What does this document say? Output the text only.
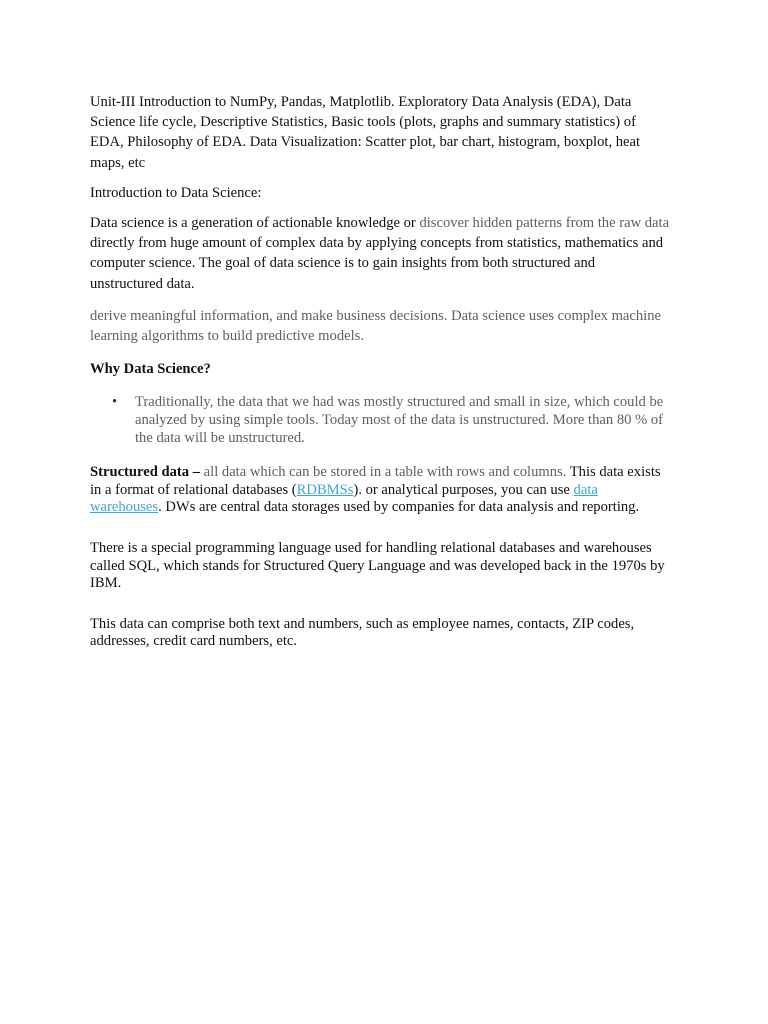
Unit-III Introduction to NumPy, Pandas, Matplotlib. Exploratory Data Analysis (EDA), Data Science life cycle, Descriptive Statistics, Basic tools (plots, graphs and summary statistics) of EDA, Philosophy of EDA. Data Visualization: Scatter plot, bar chart, histogram, boxplot, heat maps, etc

Introduction to Data Science:

Data science is a generation of actionable knowledge or discover hidden patterns from the raw data directly from huge amount of complex data by applying concepts from statistics, mathematics and computer science. The goal of data science is to gain insights from both structured and unstructured data.

derive meaningful information, and make business decisions. Data science uses complex machine learning algorithms to build predictive models.

Why Data Science?

• Traditionally, the data that we had was mostly structured and small in size, which could be analyzed by using simple tools. Today most of the data is unstructured. More than 80 % of the data will be unstructured.

Structured data – all data which can be stored in a table with rows and columns. This data exists in a format of relational databases (RDBMSs). or analytical purposes, you can use data warehouses. DWs are central data storages used by companies for data analysis and reporting.

There is a special programming language used for handling relational databases and warehouses called SQL, which stands for Structured Query Language and was developed back in the 1970s by IBM.

This data can comprise both text and numbers, such as employee names, contacts, ZIP codes, addresses, credit card numbers, etc.
